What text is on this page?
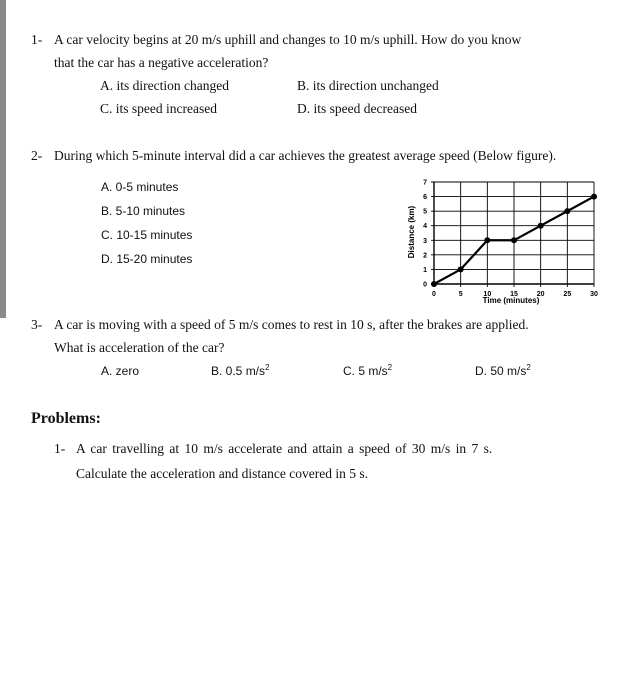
1- A car velocity begins at 20 m/s uphill and changes to 10 m/s uphill. How do you know
that the car has a negative acceleration?
A. its direction changed	B. its direction unchanged
C. its speed increased	D. its speed decreased
2- During which 5-minute interval did a car achieves the greatest average speed (Below figure).
A. 0-5 minutes
B. 5-10 minutes
C. 10-15 minutes
D. 15-20 minutes
0	5	10	15	20	25	30
0
1
2
3
4
5
6
7
Time (minutes)
Distance (km)
3- A car is moving with a speed of 5 m/s comes to rest in 10 s, after the brakes are applied.
What is acceleration of the car?
A. zero	B. 0.5 $m/s^2$	C. 5 $m/s^2$	D. 50 $m/s^2$
Problems:
1- A car travelling at 10 m/s accelerate and attain a speed of 30 m/s in 7 s.
Calculate the acceleration and distance covered in 5 s.
